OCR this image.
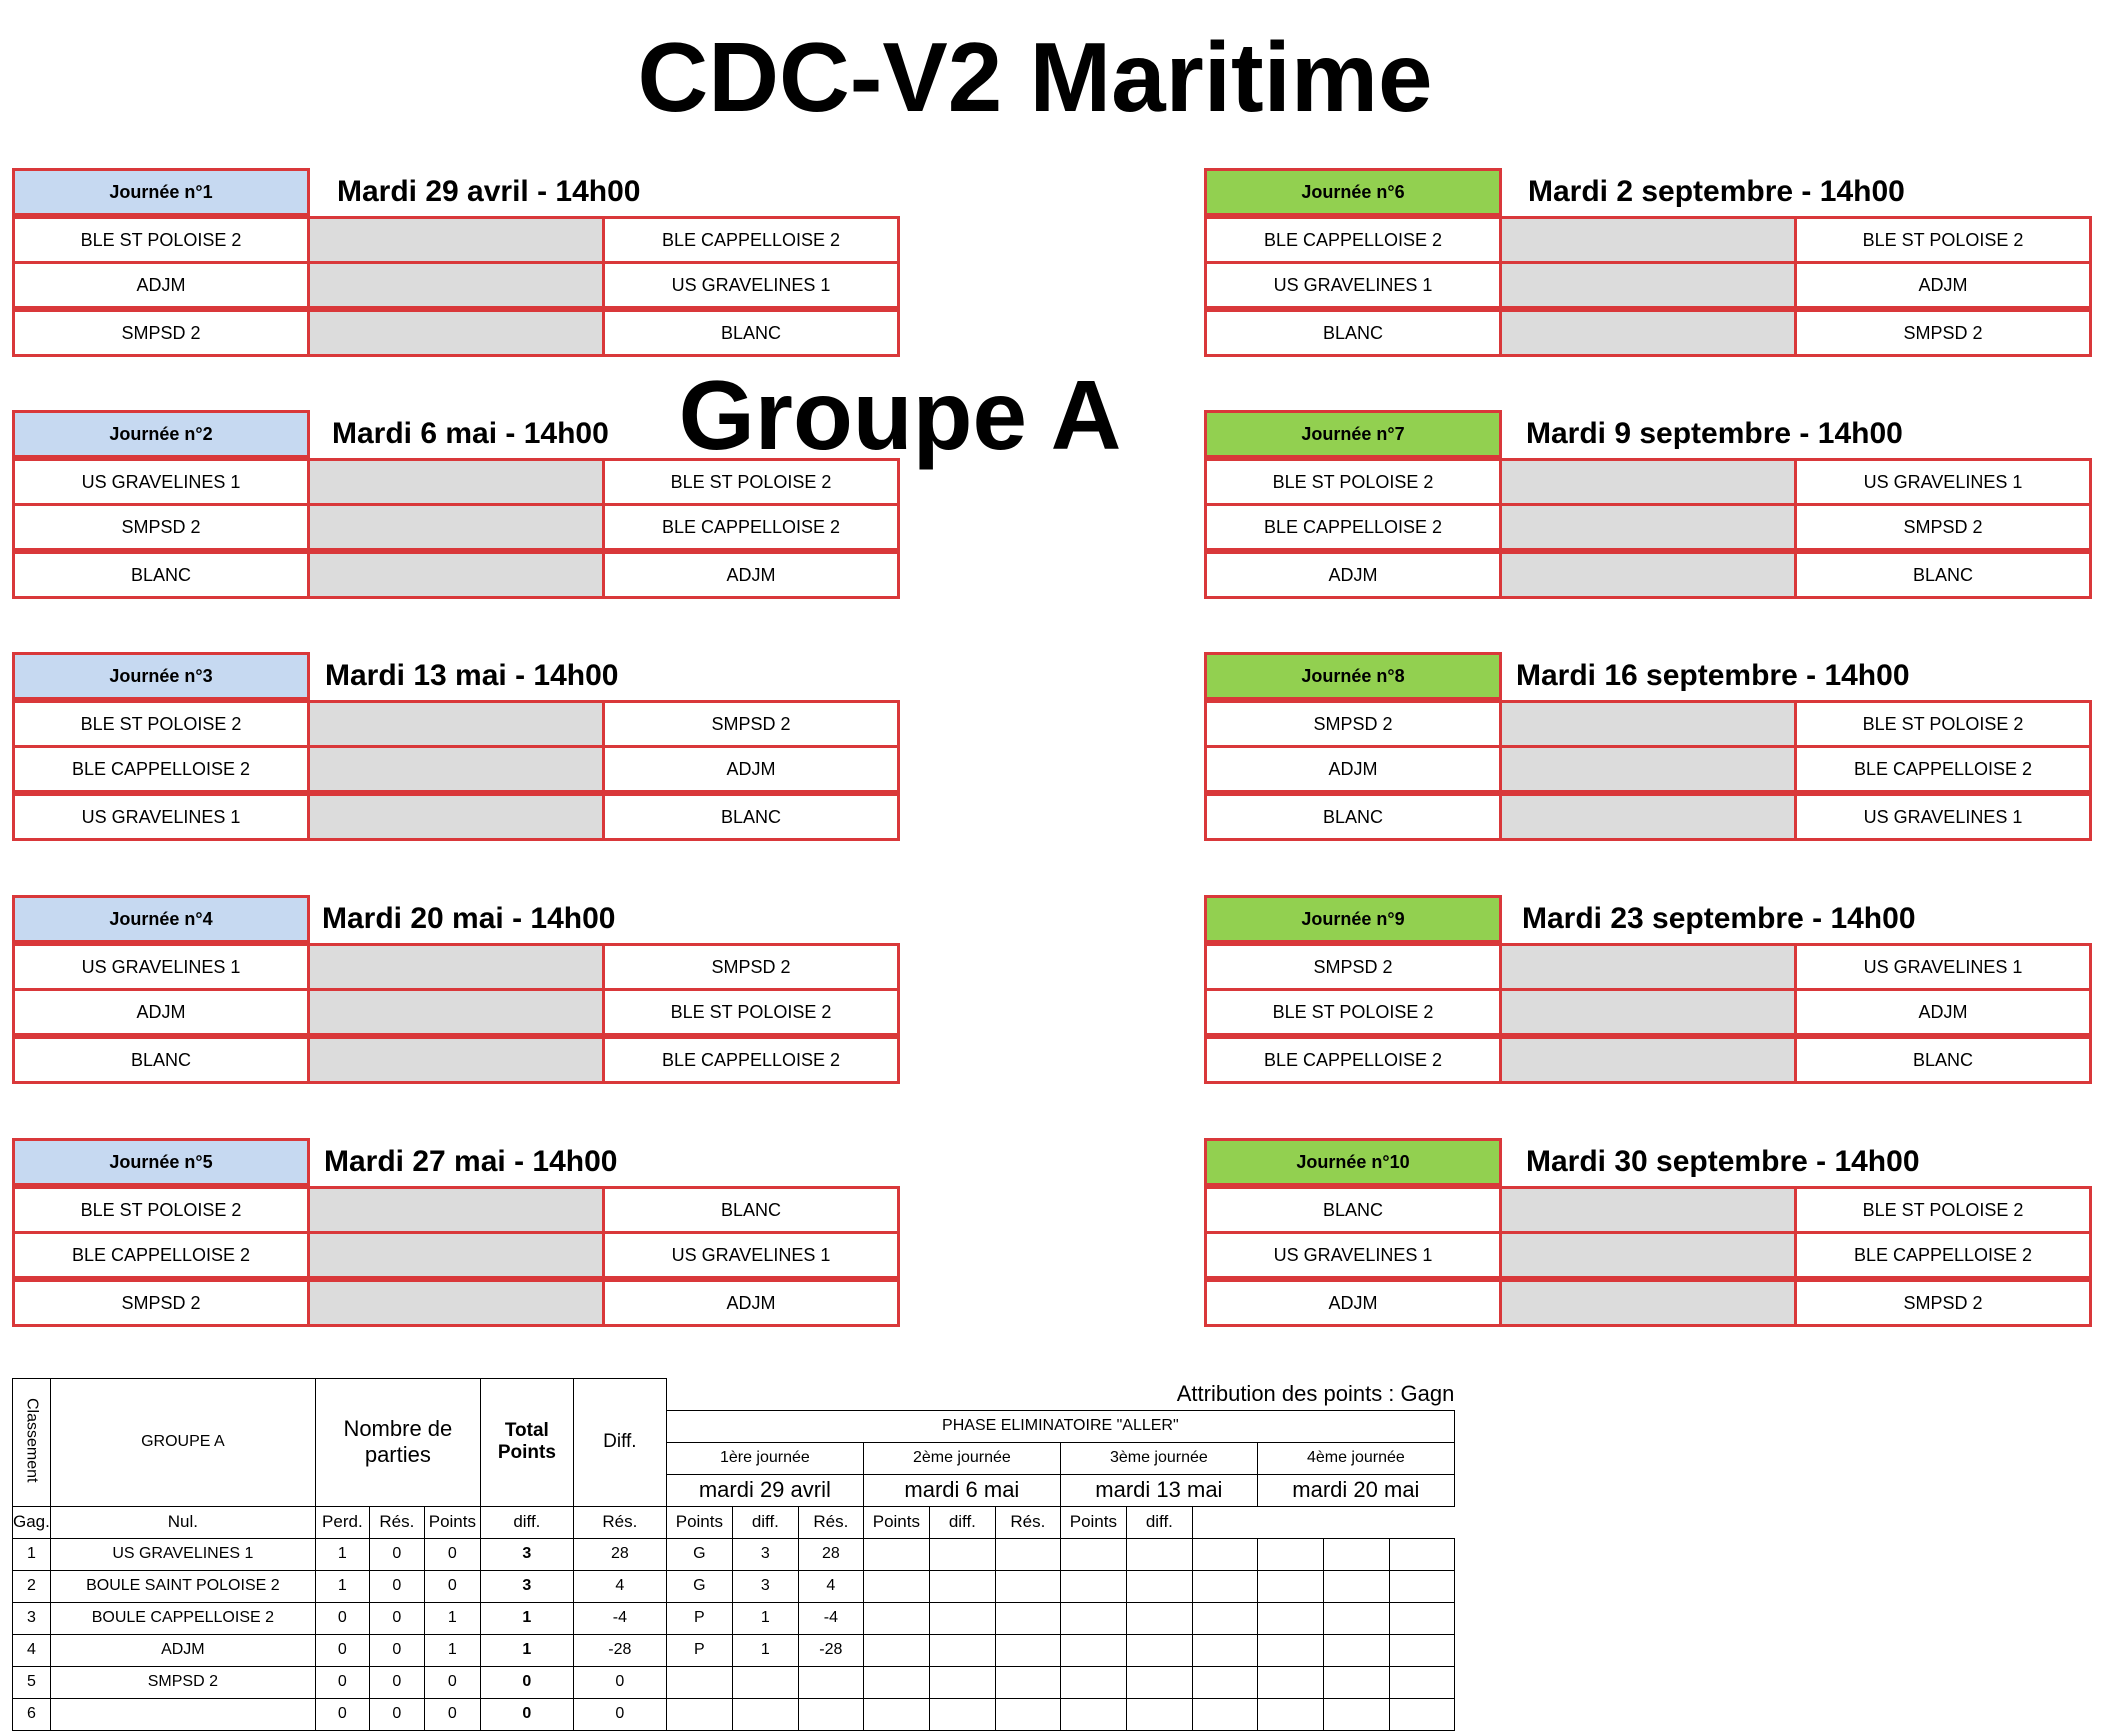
CDC-V2 Maritime
Groupe A
Journée n°1	Mardi 29 avril - 14h00
BLE ST POLOISE 2	BLE CAPPELLOISE 2
ADJM	US GRAVELINES 1
SMPSD 2	BLANC
Journée n°2	Mardi 6 mai - 14h00
US GRAVELINES 1	BLE ST POLOISE 2
SMPSD 2	BLE CAPPELLOISE 2
BLANC	ADJM
Journée n°3	Mardi 13 mai - 14h00
BLE ST POLOISE 2	SMPSD 2
BLE CAPPELLOISE 2	ADJM
US GRAVELINES 1	BLANC
Journée n°4	Mardi 20 mai - 14h00
US GRAVELINES 1	SMPSD 2
ADJM	BLE ST POLOISE 2
BLANC	BLE CAPPELLOISE 2
Journée n°5	Mardi 27 mai - 14h00
BLE ST POLOISE 2	BLANC
BLE CAPPELLOISE 2	US GRAVELINES 1
SMPSD 2	ADJM
Journée n°6	Mardi 2 septembre - 14h00
BLE CAPPELLOISE 2	BLE ST POLOISE 2
US GRAVELINES 1	ADJM
BLANC	SMPSD 2
Journée n°7	Mardi 9 septembre - 14h00
BLE ST POLOISE 2	US GRAVELINES 1
BLE CAPPELLOISE 2	SMPSD 2
ADJM	BLANC
Journée n°8	Mardi 16 septembre - 14h00
SMPSD 2	BLE ST POLOISE 2
ADJM	BLE CAPPELLOISE 2
BLANC	US GRAVELINES 1
Journée n°9	Mardi 23 septembre - 14h00
SMPSD 2	US GRAVELINES 1
BLE ST POLOISE 2	ADJM
BLE CAPPELLOISE 2	BLANC
Journée n°10	Mardi 30 septembre - 14h00
BLANC	BLE ST POLOISE 2
US GRAVELINES 1	BLE CAPPELLOISE 2
ADJM	SMPSD 2
Classement	GROUPE A	Nombre de parties			Total Points	Diff.	Attribution des points : Gagn											
							PHASE ELIMINATOIRE "ALLER"											
							1ère journée			2ème journée			3ème journée			4ème journée		
							mardi 29 avril			mardi 6 mai			mardi 13 mai			mardi 20 mai		
Gag.	Nul.	Perd.	Rés.	Points	diff.	Rés.	Points	diff.	Rés.	Points	diff.	Rés.	Points	diff.				
1	US GRAVELINES 1	1	0	0	3	28	G	3	28									
2	BOULE SAINT POLOISE 2	1	0	0	3	4	G	3	4									
3	BOULE CAPPELLOISE 2	0	0	1	1	-4	P	1	-4									
4	ADJM	0	0	1	1	-28	P	1	-28									
5	SMPSD 2	0	0	0	0	0												
6		0	0	0	0	0												
